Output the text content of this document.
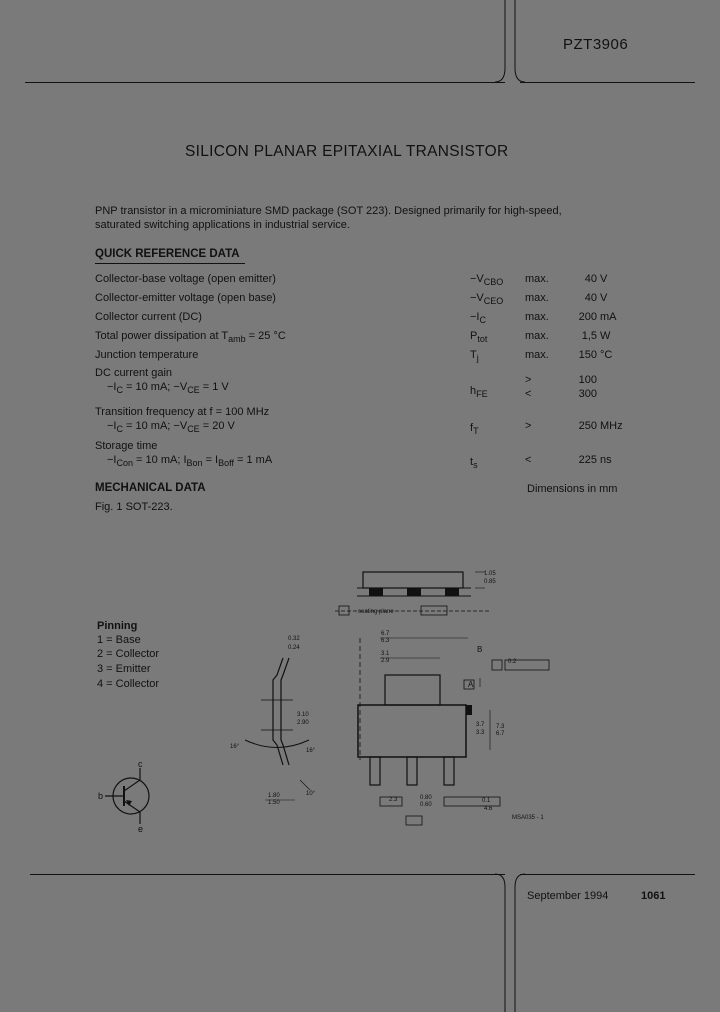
PZT3906
SILICON PLANAR EPITAXIAL TRANSISTOR
PNP transistor in a microminiature SMD package (SOT 223). Designed primarily for high-speed,
saturated switching applications in industrial service.
QUICK REFERENCE DATA
Collector-base voltage (open emitter)	$-V_{CBO}$ max.	40 V
Collector-emitter voltage (open base)	$-V_{CEO}$ max.	40 V
Collector current (DC)	$-I_C$	max.	200 mA
Total power dissipation at $T_{amb} = 25$ °C	$P_{tot}$	max.	1,5 W
Junction temperature	$T_j$	max.	150 °C
DC current gain
$-I_C = 10$ mA; $-V_{CE} = 1$ V	$h_{FE}$
>	100
<	300
Transition frequency at f = 100 MHz
$-I_C = 10$ mA; $-V_{CE} = 20$ V	$f_T$	>	250 MHz
Storage time
$-I_{Con} = 10$ mA; $I_{Bon} = I_{Boff} = 1$ mA	$t_s$	<	225 ns
MECHANICAL DATA	Dimensions in mm
Fig. 1 SOT-223.
Pinning
1 = Base
2 = Collector
3 = Emitter
4 = Collector
c
b
e
seating plane
1.05
0.85
0.32
0.24
3.10
2.90
16°
16°
1.80
1.50
10°
6.7
6.3
3.1
2.9
B
A
0.2
3.7
3.3
7.3
6.7
2.3	0.80
0.60
0.1
4.6
MSA035 - 1
September 1994	1061
